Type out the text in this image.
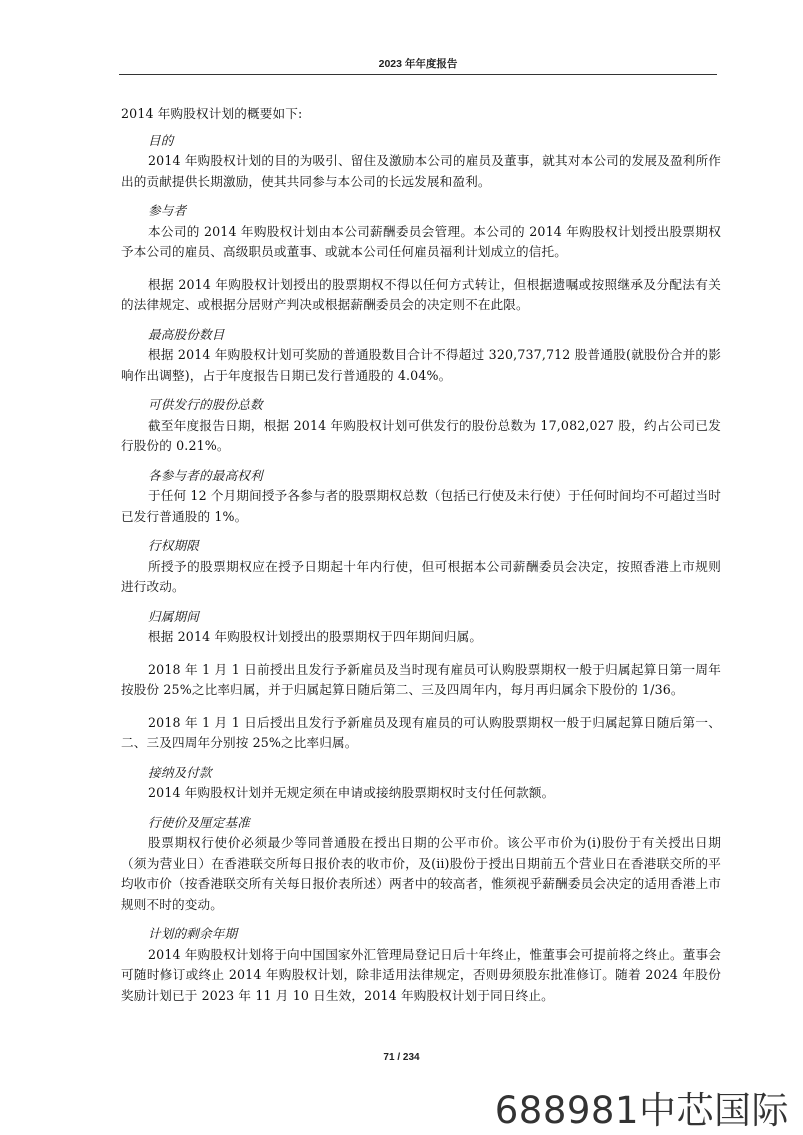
2023 年年度报告

2014 年购股权计划的概要如下:

目的

2014 年购股权计划的目的为吸引、留住及激励本公司的雇员及董事，就其对本公司的发展及盈利所作出的贡献提供长期激励，使其共同参与本公司的长远发展和盈利。

参与者

本公司的 2014 年购股权计划由本公司薪酬委员会管理。本公司的 2014 年购股权计划授出股票期权予本公司的雇员、高级职员或董事、或就本公司任何雇员福利计划成立的信托。

根据 2014 年购股权计划授出的股票期权不得以任何方式转让，但根据遗嘱或按照继承及分配法有关的法律规定、或根据分居财产判决或根据薪酬委员会的决定则不在此限。

最高股份数目

根据 2014 年购股权计划可奖励的普通股数目合计不得超过 320,737,712 股普通股(就股份合并的影响作出调整)，占于年度报告日期已发行普通股的 4.04%。

可供发行的股份总数

截至年度报告日期，根据 2014 年购股权计划可供发行的股份总数为 17,082,027 股，约占公司已发行股份的 0.21%。

各参与者的最高权利

于任何 12 个月期间授予各参与者的股票期权总数（包括已行使及未行使）于任何时间均不可超过当时已发行普通股的 1%。

行权期限

所授予的股票期权应在授予日期起十年内行使，但可根据本公司薪酬委员会决定，按照香港上市规则进行改动。

归属期间

根据 2014 年购股权计划授出的股票期权于四年期间归属。

2018 年 1 月 1 日前授出且发行予新雇员及当时现有雇员可认购股票期权一般于归属起算日第一周年按股份 25%之比率归属，并于归属起算日随后第二、三及四周年内，每月再归属余下股份的 1/36。

2018 年 1 月 1 日后授出且发行予新雇员及现有雇员的可认购股票期权一般于归属起算日随后第一、二、三及四周年分别按 25%之比率归属。

接纳及付款

2014 年购股权计划并无规定须在申请或接纳股票期权时支付任何款额。

行使价及厘定基准

股票期权行使价必须最少等同普通股在授出日期的公平市价。该公平市价为(i)股份于有关授出日期（须为营业日）在香港联交所每日报价表的收市价，及(ii)股份于授出日期前五个营业日在香港联交所的平均收市价（按香港联交所有关每日报价表所述）两者中的较高者，惟须视乎薪酬委员会决定的适用香港上市规则不时的变动。

计划的剩余年期

2014 年购股权计划将于向中国国家外汇管理局登记日后十年终止，惟董事会可提前将之终止。董事会可随时修订或终止 2014 年购股权计划，除非适用法律规定，否则毋须股东批准修订。随着 2024 年股份奖励计划已于 2023 年 11 月 10 日生效，2014 年购股权计划于同日终止。

71 / 234
688981中芯国际
